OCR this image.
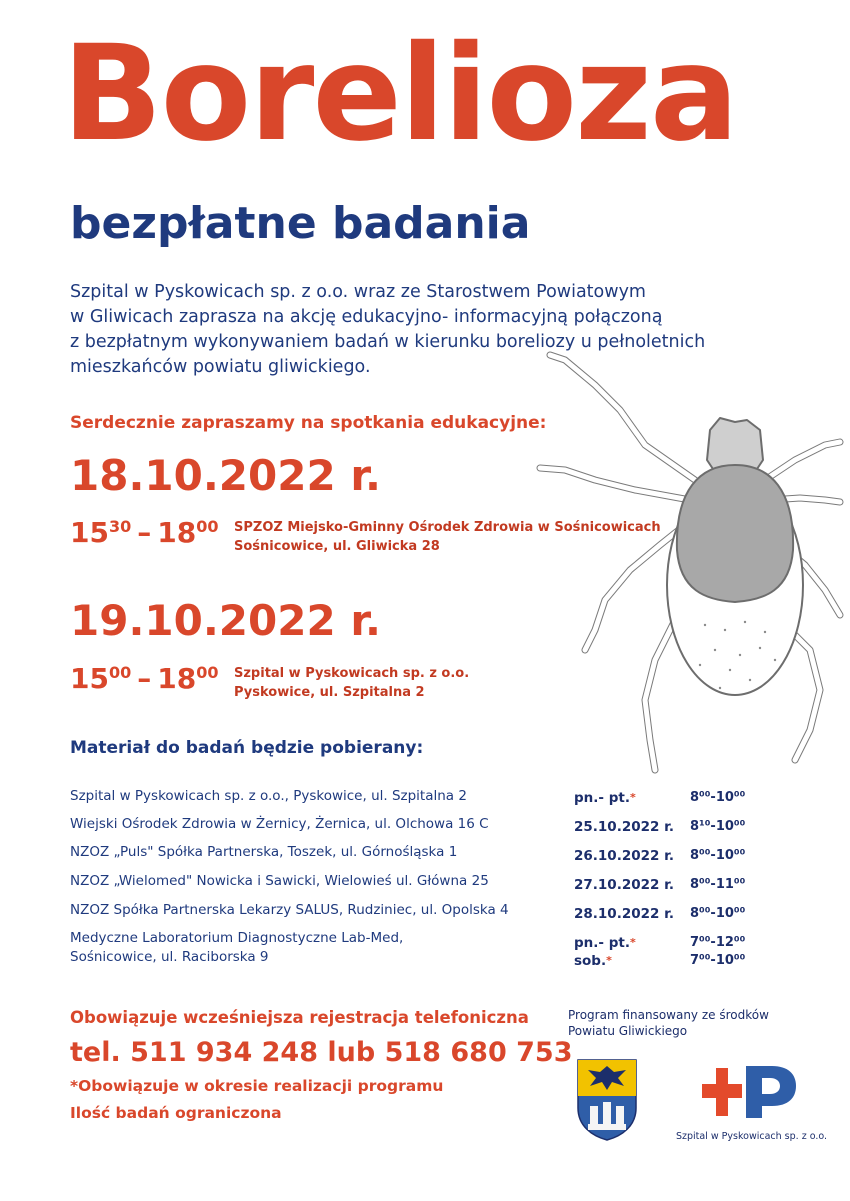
Borelioza
bezpłatne badania
Szpital w Pyskowicach sp. z o.o. wraz ze Starostwem Powiatowym
w Gliwicach zaprasza na akcję edukacyjno- informacyjną połączoną
z bezpłatnym wykonywaniem badań w kierunku boreliozy u pełnoletnich
mieszkańców powiatu gliwickiego.
Serdecznie zapraszamy na spotkania edukacyjne:
18.10.2022 r.
15 30 – 18 00 SPZOZ Miejsko-Gminny Ośrodek Zdrowia w Sośnicowicach
Sośnicowice, ul. Gliwicka 28
19.10.2022 r.
15 00 – 18 00 Szpital w Pyskowicach sp. z o.o.
Pyskowice, ul. Szpitalna 2
Materiał do badań będzie pobierany:
Szpital w Pyskowicach sp. z o.o., Pyskowice, ul. Szpitalna 2	pn.- pt.*	8⁰⁰-10⁰⁰
Wiejski Ośrodek Zdrowia w Żernicy, Żernica, ul. Olchowa 16 C	25.10.2022 r. 8¹⁰-10⁰⁰
NZOZ „Puls" Spółka Partnerska, Toszek, ul. Górnośląska 1	26.10.2022 r. 8⁰⁰-10⁰⁰
NZOZ „Wielomed" Nowicka i Sawicki, Wielowieś ul. Główna 25	27.10.2022 r. 8⁰⁰-11⁰⁰
NZOZ Spółka Partnerska Lekarzy SALUS, Rudziniec, ul. Opolska 4	28.10.2022 r. 8⁰⁰-10⁰⁰
Medyczne Laboratorium Diagnostyczne Lab-Med,
Sośnicowice, ul. Raciborska 9
pn.- pt.*	7⁰⁰-12⁰⁰
sob.*	7⁰⁰-10⁰⁰
Obowiązuje wcześniejsza rejestracja telefoniczna
tel. 511 934 248 lub 518 680 753
*Obowiązuje w okresie realizacji programu
Ilość badań ograniczona
Program finansowany ze środków
Powiatu Gliwickiego
Szpital w Pyskowicach sp. z o.o.
